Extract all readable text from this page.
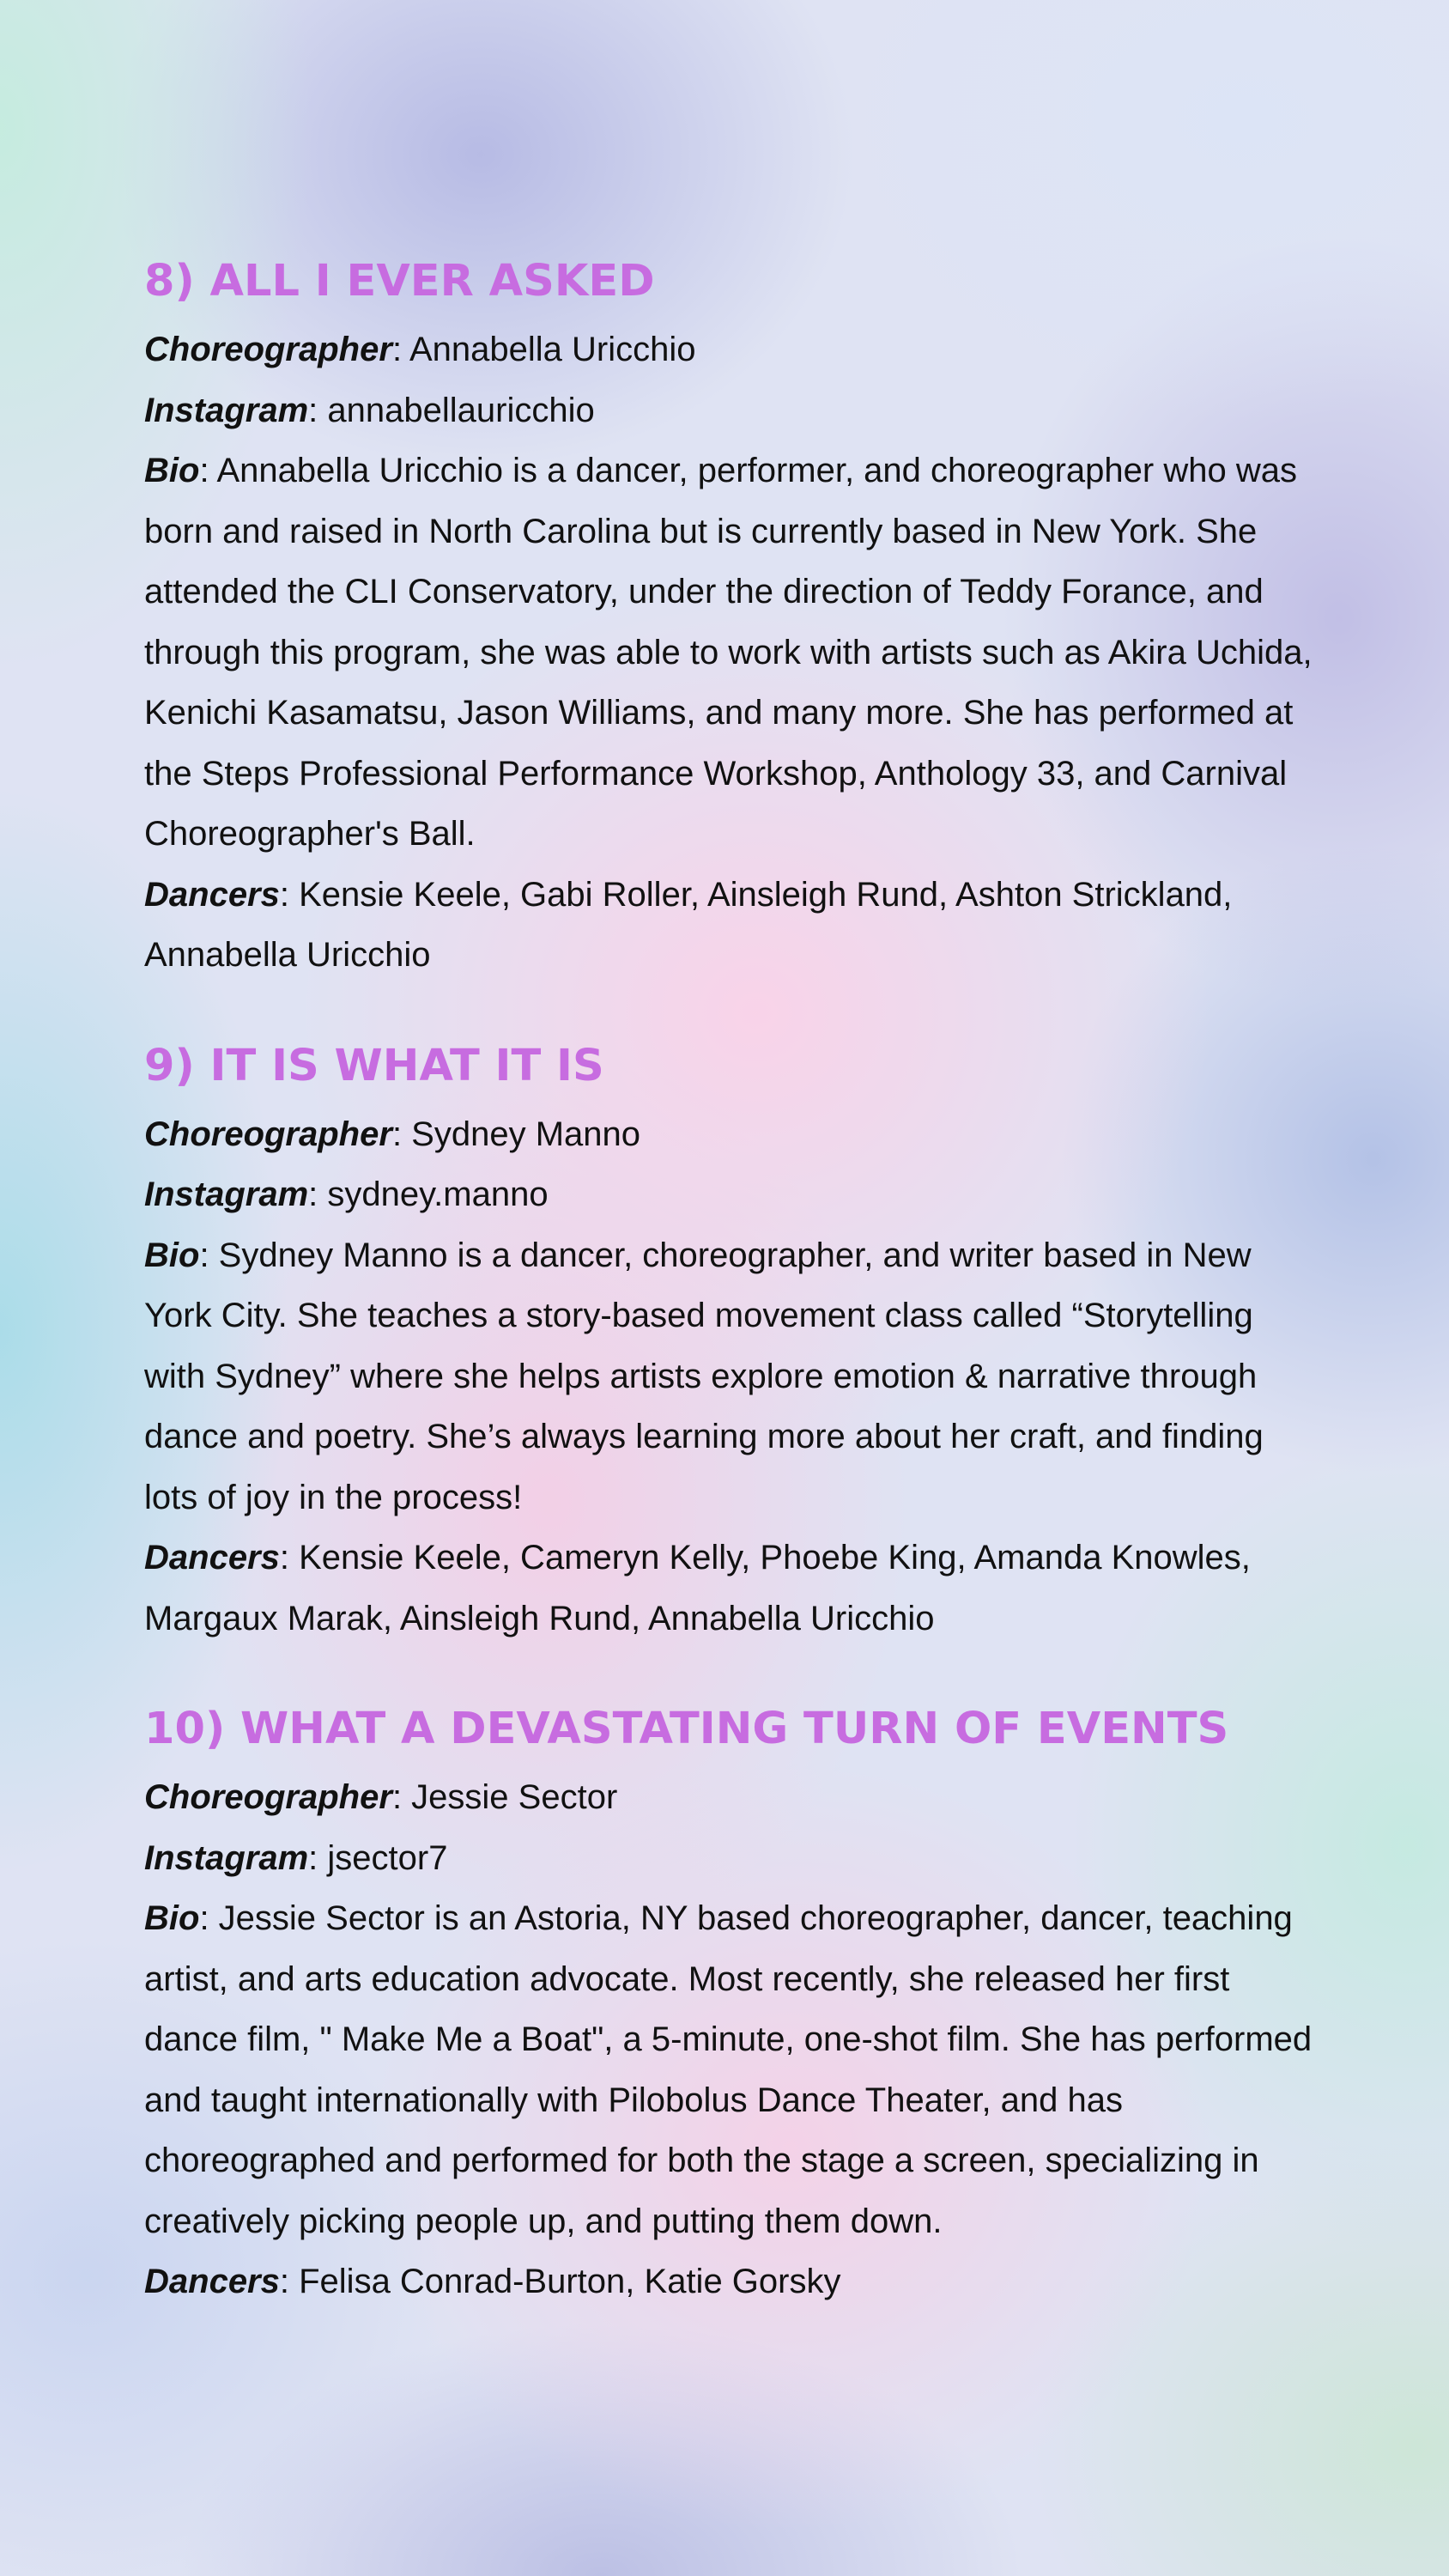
8) ALL I EVER ASKED

Choreographer: Annabella Uricchio

Instagram: annabellauricchio

Bio: Annabella Uricchio is a dancer, performer, and choreographer who was born and raised in North Carolina but is currently based in New York. She attended the CLI Conservatory, under the direction of Teddy Forance, and through this program, she was able to work with artists such as Akira Uchida, Kenichi Kasamatsu, Jason Williams, and many more. She has performed at the Steps Professional Performance Workshop, Anthology 33, and Carnival Choreographer's Ball.

Dancers: Kensie Keele, Gabi Roller, Ainsleigh Rund, Ashton Strickland, Annabella Uricchio

9) IT IS WHAT IT IS

Choreographer: Sydney Manno

Instagram: sydney.manno

Bio: Sydney Manno is a dancer, choreographer, and writer based in New York City. She teaches a story-based movement class called “Storytelling with Sydney” where she helps artists explore emotion & narrative through dance and poetry. She’s always learning more about her craft, and finding lots of joy in the process!

Dancers: Kensie Keele, Cameryn Kelly, Phoebe King, Amanda Knowles, Margaux Marak, Ainsleigh Rund, Annabella Uricchio

10) WHAT A DEVASTATING TURN OF EVENTS

Choreographer: Jessie Sector

Instagram: jsector7

Bio: Jessie Sector is an Astoria, NY based choreographer, dancer, teaching artist, and arts education advocate. Most recently, she released her first dance film, " Make Me a Boat", a 5-minute, one-shot film. She has performed and taught internationally with Pilobolus Dance Theater, and has choreographed and performed for both the stage a screen, specializing in creatively picking people up, and putting them down.

Dancers: Felisa Conrad-Burton, Katie Gorsky
